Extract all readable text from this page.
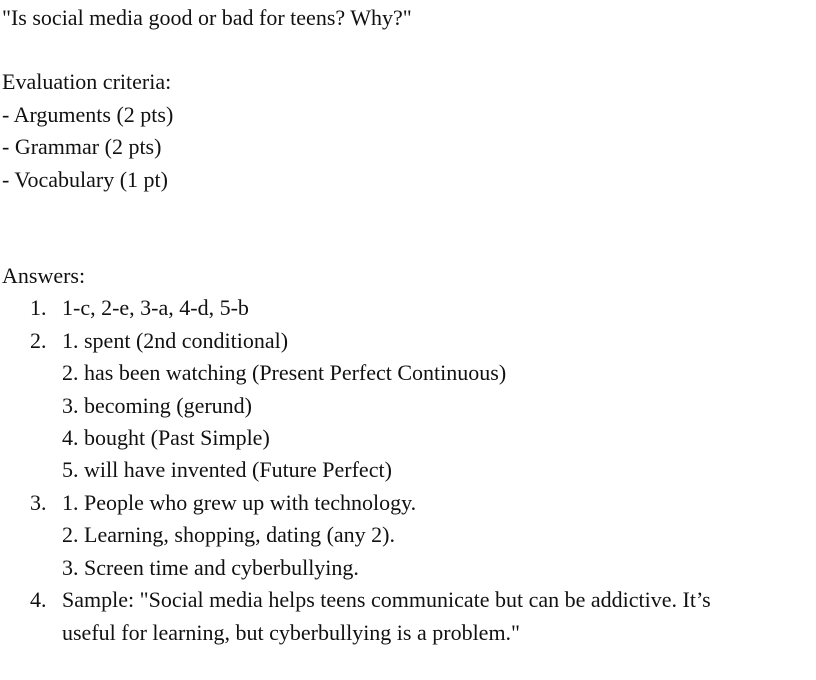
"Is social media good or bad for teens? Why?"

Evaluation criteria:

- Arguments (2 pts)

- Grammar (2 pts)

- Vocabulary (1 pt)

Answers:

1. 1-c, 2-e, 3-a, 4-d, 5-b
2. 1. spent (2nd conditional)
2. has been watching (Present Perfect Continuous)
3. becoming (gerund)
4. bought (Past Simple)
5. will have invented (Future Perfect)
3. 1. People who grew up with technology.
2. Learning, shopping, dating (any 2).
3. Screen time and cyberbullying.
4. Sample: "Social media helps teens communicate but can be addictive. It’s
useful for learning, but cyberbullying is a problem."
